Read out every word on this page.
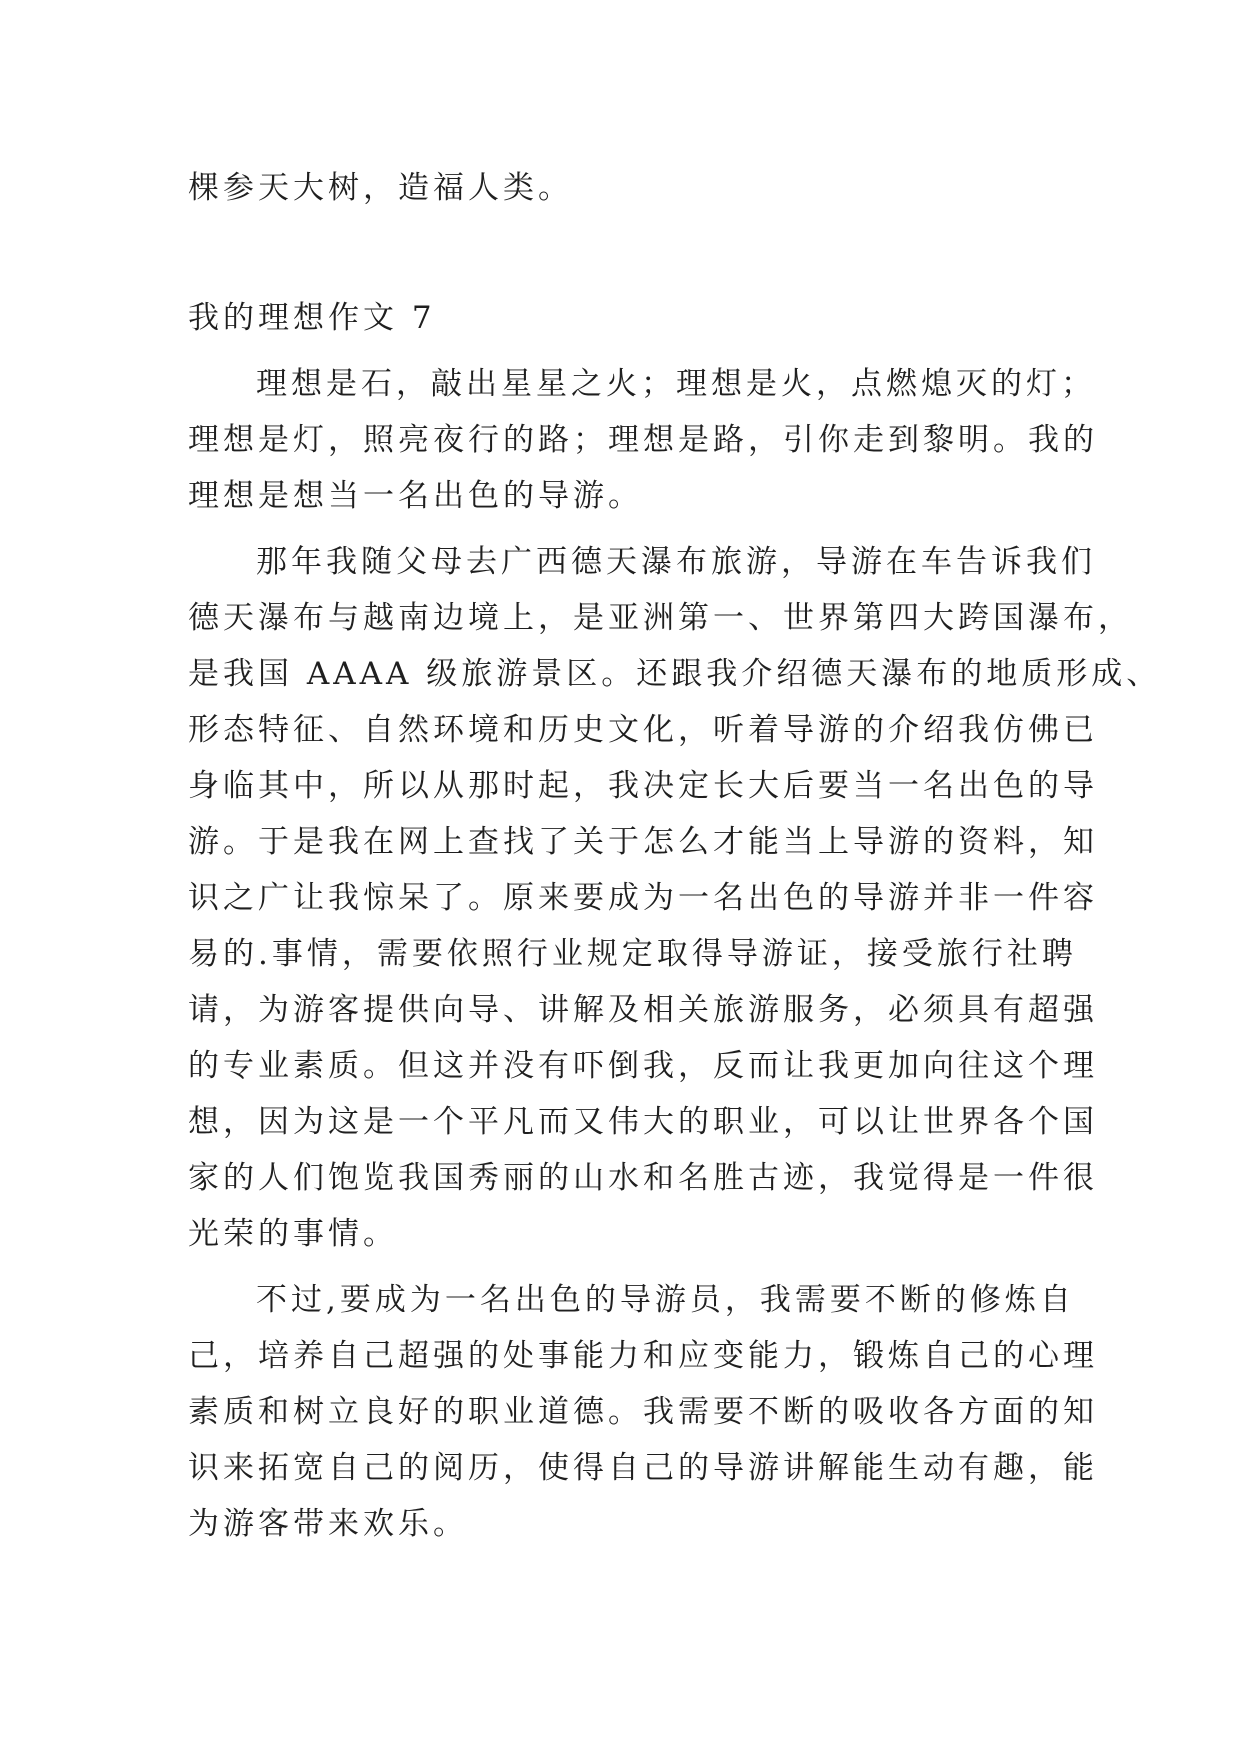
棵参天大树，造福人类。
我的理想作文 7
理想是石，敲出星星之火；理想是火，点燃熄灭的灯；
理想是灯，照亮夜行的路；理想是路，引你走到黎明。我的
理想是想当一名出色的导游。
那年我随父母去广西德天瀑布旅游，导游在车告诉我们
德天瀑布与越南边境上，是亚洲第一、世界第四大跨国瀑布，
是我国 AAAA 级旅游景区。还跟我介绍德天瀑布的地质形成、
形态特征、自然环境和历史文化，听着导游的介绍我仿佛已
身临其中，所以从那时起，我决定长大后要当一名出色的导
游。于是我在网上查找了关于怎么才能当上导游的资料，知
识之广让我惊呆了。原来要成为一名出色的导游并非一件容
易的.事情，需要依照行业规定取得导游证，接受旅行社聘
请，为游客提供向导、讲解及相关旅游服务，必须具有超强
的专业素质。但这并没有吓倒我，反而让我更加向往这个理
想，因为这是一个平凡而又伟大的职业，可以让世界各个国
家的人们饱览我国秀丽的山水和名胜古迹，我觉得是一件很
光荣的事情。
不过,要成为一名出色的导游员，我需要不断的修炼自
己，培养自己超强的处事能力和应变能力，锻炼自己的心理
素质和树立良好的职业道德。我需要不断的吸收各方面的知
识来拓宽自己的阅历，使得自己的导游讲解能生动有趣，能
为游客带来欢乐。
